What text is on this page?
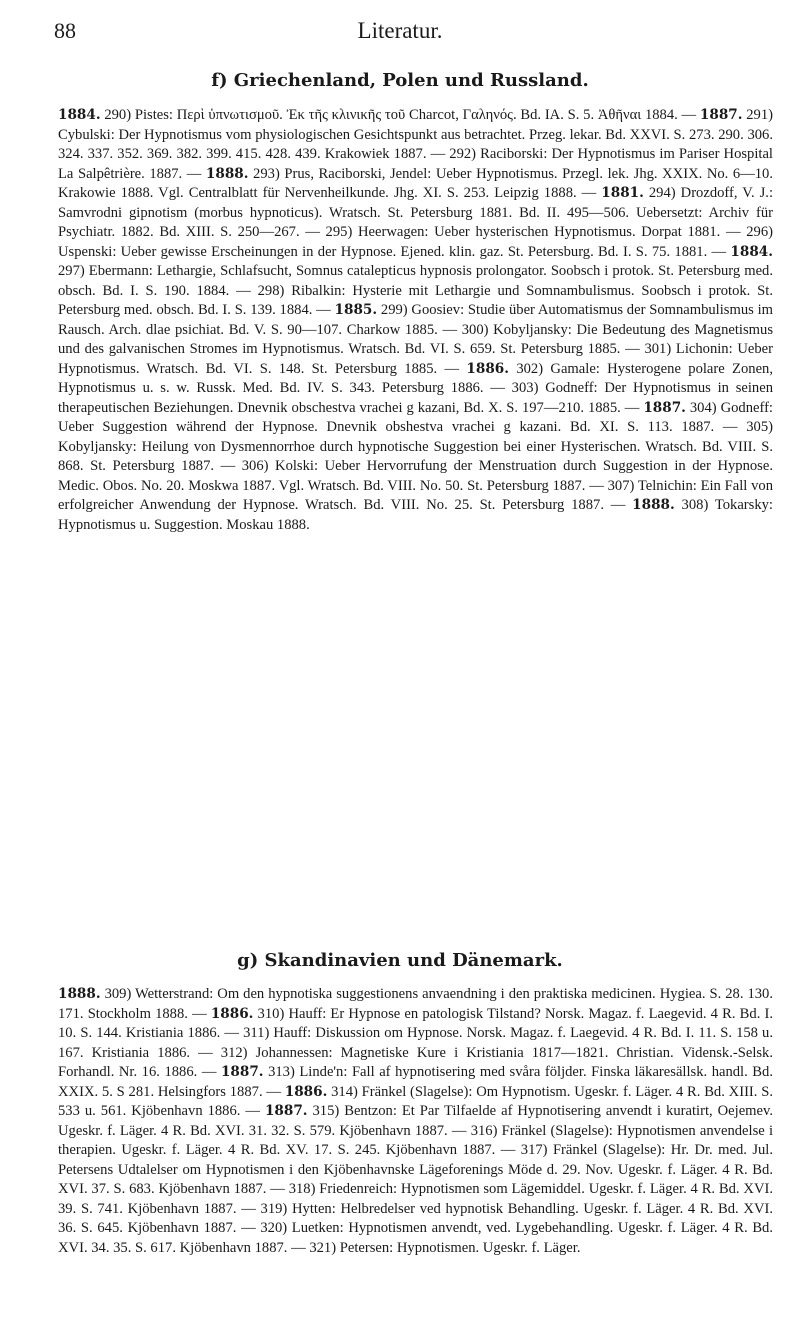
88	Literatur.
f) Griechenland, Polen und Russland.

1884. 290) Pistes: Περὶ ὑπνωτισμοῦ. Ἐκ τῆς κλινικῆς τοῦ Charcot, Γαληνός. Bd. IA. S. 5. Ἀθῆναι 1884. — 1887. 291) Cybulski: Der Hypnotismus vom physiologischen Gesichtspunkt aus betrachtet. Przeg. lekar. Bd. XXVI. S. 273. 290. 306. 324. 337. 352. 369. 382. 399. 415. 428. 439. Krakowiek 1887. — 292) Raciborski: Der Hypnotismus im Pariser Hospital La Salpêtrière. 1887. — 1888. 293) Prus, Raciborski, Jendel: Ueber Hypnotismus. Przegl. lek. Jhg. XXIX. No. 6—10. Krakowie 1888. Vgl. Centralblatt für Nervenheilkunde. Jhg. XI. S. 253. Leipzig 1888. — 1881. 294) Drozdoff, V. J.: Samvrodni gipnotism (morbus hypnoticus). Wratsch. St. Petersburg 1881. Bd. II. 495—506. Uebersetzt: Archiv für Psychiatr. 1882. Bd. XIII. S. 250—267. — 295) Heerwagen: Ueber hysterischen Hypnotismus. Dorpat 1881. — 296) Uspenski: Ueber gewisse Erscheinungen in der Hypnose. Ejened. klin. gaz. St. Petersburg. Bd. I. S. 75. 1881. — 1884. 297) Ebermann: Lethargie, Schlafsucht, Somnus catalepticus hypnosis prolongator. Soobsch i protok. St. Petersburg med. obsch. Bd. I. S. 190. 1884. — 298) Ribalkin: Hysterie mit Lethargie und Somnambulismus. Soobsch i protok. St. Petersburg med. obsch. Bd. I. S. 139. 1884. — 1885. 299) Goosiev: Studie über Automatismus der Somnambulismus im Rausch. Arch. dlae psichiat. Bd. V. S. 90—107. Charkow 1885. — 300) Kobyljansky: Die Bedeutung des Magnetismus und des galvanischen Stromes im Hypnotismus. Wratsch. Bd. VI. S. 659. St. Petersburg 1885. — 301) Lichonin: Ueber Hypnotismus. Wratsch. Bd. VI. S. 148. St. Petersburg 1885. — 1886. 302) Gamale: Hysterogene polare Zonen, Hypnotismus u. s. w. Russk. Med. Bd. IV. S. 343. Petersburg 1886. — 303) Godneff: Der Hypnotismus in seinen therapeutischen Beziehungen. Dnevnik obschestva vrachei g kazani, Bd. X. S. 197—210. 1885. — 1887. 304) Godneff: Ueber Suggestion während der Hypnose. Dnevnik obshestva vrachei g kazani. Bd. XI. S. 113. 1887. — 305) Kobyljansky: Heilung von Dysmennorrhoe durch hypnotische Suggestion bei einer Hysterischen. Wratsch. Bd. VIII. S. 868. St. Petersburg 1887. — 306) Kolski: Ueber Hervorrufung der Menstruation durch Suggestion in der Hypnose. Medic. Obos. No. 20. Moskwa 1887. Vgl. Wratsch. Bd. VIII. No. 50. St. Petersburg 1887. — 307) Telnichin: Ein Fall von erfolgreicher Anwendung der Hypnose. Wratsch. Bd. VIII. No. 25. St. Petersburg 1887. — 1888. 308) Tokarsky: Hypnotismus u. Suggestion. Moskau 1888.

g) Skandinavien und Dänemark.

1888. 309) Wetterstrand: Om den hypnotiska suggestionens anvaendning i den praktiska medicinen. Hygiea. S. 28. 130. 171. Stockholm 1888. — 1886. 310) Hauff: Er Hypnose en patologisk Tilstand? Norsk. Magaz. f. Laegevid. 4 R. Bd. I. 10. S. 144. Kristiania 1886. — 311) Hauff: Diskussion om Hypnose. Norsk. Magaz. f. Laegevid. 4 R. Bd. I. 11. S. 158 u. 167. Kristiania 1886. — 312) Johannessen: Magnetiske Kure i Kristiania 1817—1821. Christian. Vidensk.-Selsk. Forhandl. Nr. 16. 1886. — 1887. 313) Linde'n: Fall af hypnotisering med svåra följder. Finska läkaresällsk. handl. Bd. XXIX. 5. S 281. Helsingfors 1887. — 1886. 314) Fränkel (Slagelse): Om Hypnotism. Ugeskr. f. Läger. 4 R. Bd. XIII. S. 533 u. 561. Kjöbenhavn 1886. — 1887. 315) Bentzon: Et Par Tilfaelde af Hypnotisering anvendt i kuratirt, Oejemev. Ugeskr. f. Läger. 4 R. Bd. XVI. 31. 32. S. 579. Kjöbenhavn 1887. — 316) Fränkel (Slagelse): Hypnotismen anvendelse i therapien. Ugeskr. f. Läger. 4 R. Bd. XV. 17. S. 245. Kjöbenhavn 1887. — 317) Fränkel (Slagelse): Hr. Dr. med. Jul. Petersens Udtalelser om Hypnotismen i den Kjöbenhavnske Lägeforenings Möde d. 29. Nov. Ugeskr. f. Läger. 4 R. Bd. XVI. 37. S. 683. Kjöbenhavn 1887. — 318) Friedenreich: Hypnotismen som Lägemiddel. Ugeskr. f. Läger. 4 R. Bd. XVI. 39. S. 741. Kjöbenhavn 1887. — 319) Hytten: Helbredelser ved hypnotisk Behandling. Ugeskr. f. Läger. 4 R. Bd. XVI. 36. S. 645. Kjöbenhavn 1887. — 320) Luetken: Hypnotismen anvendt, ved. Lygebehandling. Ugeskr. f. Läger. 4 R. Bd. XVI. 34. 35. S. 617. Kjöbenhavn 1887. — 321) Petersen: Hypnotismen. Ugeskr. f. Läger.
